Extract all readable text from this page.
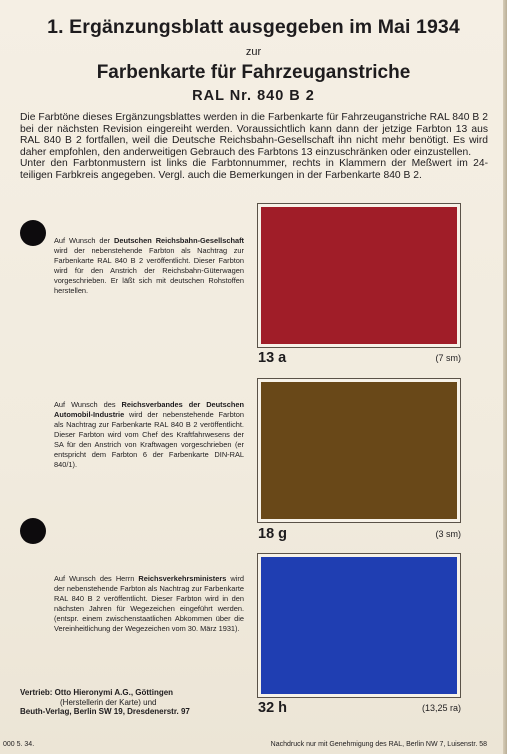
1. Ergänzungsblatt ausgegeben im Mai 1934
zur
Farbenkarte für Fahrzeuganstriche
RAL Nr. 840 B 2

Die Farbtöne dieses Ergänzungsblattes werden in die Farbenkarte für Fahrzeuganstriche RAL 840 B 2 bei der nächsten Revision eingereiht werden. Voraussichtlich kann dann der jetzige Farbton 13 aus RAL 840 B 2 fortfallen, weil die Deutsche Reichsbahn-Gesellschaft ihn nicht mehr benötigt. Es wird daher empfohlen, den anderweitigen Gebrauch des Farbtons 13 einzuschränken oder einzustellen.

Unter den Farbtonmustern ist links die Farbtonnummer, rechts in Klammern der Meßwert im 24-teiligen Farbkreis angegeben. Vergl. auch die Bemerkungen in der Farbenkarte 840 B 2.

Auf Wunsch der Deutschen Reichsbahn-Gesellschaft wird der nebenstehende Farbton als Nachtrag zur Farbenkarte RAL 840 B 2 veröffentlicht. Dieser Farbton wird für den Anstrich der Reichsbahn-Güterwagen vorgeschrieben. Er läßt sich mit deutschen Rohstoffen herstellen.
13 a	(7 sm)
Auf Wunsch des Reichsverbandes der Deutschen Automobil-Industrie wird der nebenstehende Farbton als Nachtrag zur Farbenkarte RAL 840 B 2 veröffentlicht. Dieser Farbton wird vom Chef des Kraftfahrwesens der SA für den Anstrich von Kraftwagen vorgeschrieben (er entspricht dem Farbton 6 der Farbenkarte DIN-RAL 840/1).
18 g	(3 sm)
Auf Wunsch des Herrn Reichsverkehrsministers wird der nebenstehende Farbton als Nachtrag zur Farbenkarte RAL 840 B 2 veröffentlicht. Dieser Farbton wird in den nächsten Jahren für Wegezeichen eingeführt werden. (entspr. einem zwischenstaatlichen Abkommen über die Vereinheitlichung der Wegezeichen vom 30. März 1931).
32 h	(13,25 ra)
Vertrieb: Otto Hieronymi A.G., Göttingen
(Herstellerin der Karte) und
Beuth-Verlag, Berlin SW 19, Dresdenerstr. 97
000 5. 34.	Nachdruck nur mit Genehmigung des RAL, Berlin NW 7, Luisenstr. 58
